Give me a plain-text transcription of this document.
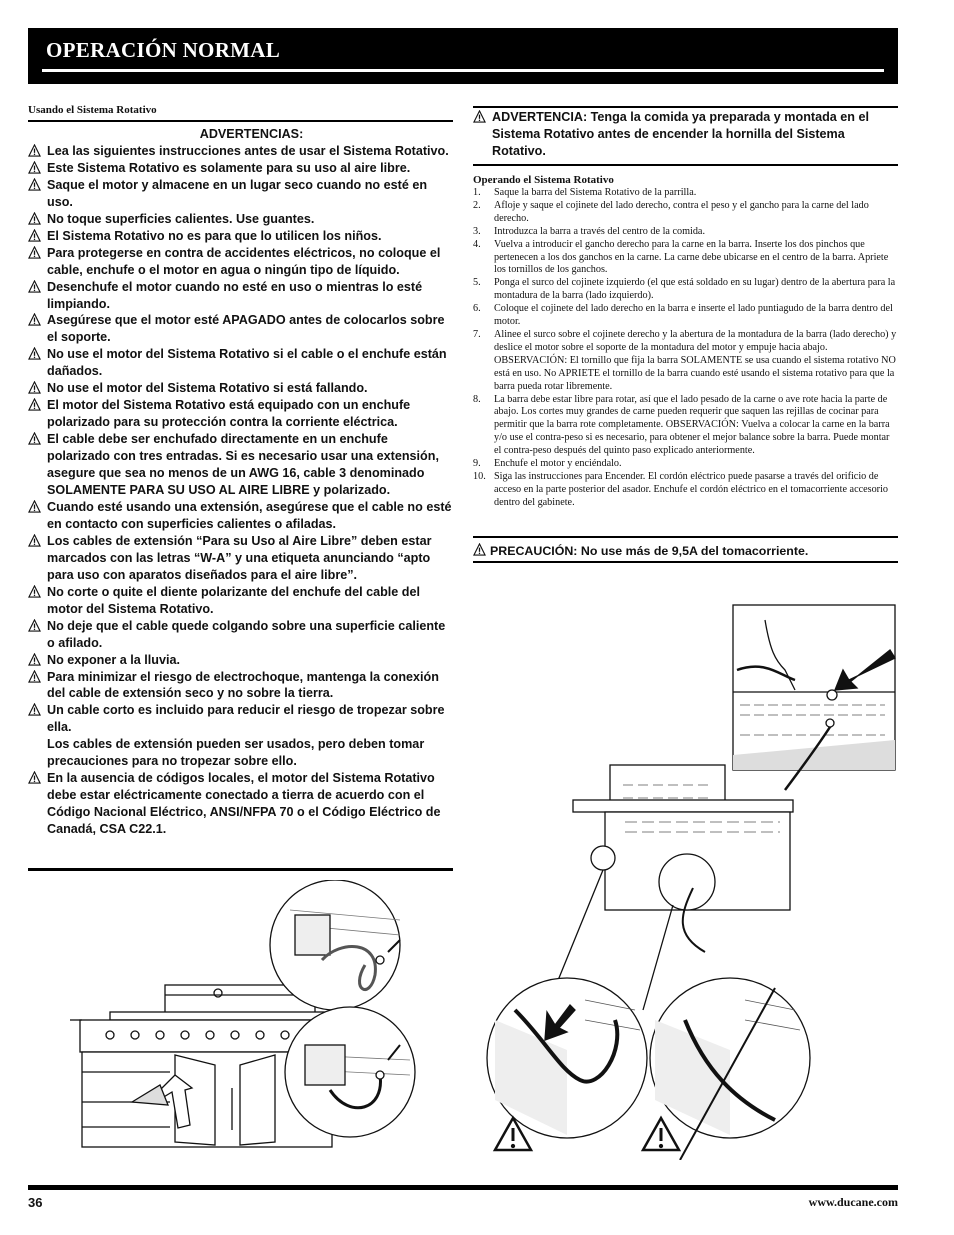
OPERACIÓN NORMAL
Usando el Sistema Rotativo
ADVERTENCIAS:
Lea las siguientes instrucciones antes de usar el Sistema Rotativo.
Este Sistema Rotativo es solamente para su uso al aire libre.
Saque el motor y almacene en un lugar seco cuando no esté en uso.
No toque superficies calientes. Use guantes.
El Sistema Rotativo no es para que lo utilicen los niños.
Para protegerse en contra de accidentes eléctricos, no coloque el cable, enchufe o el motor en agua o ningún tipo de líquido.
Desenchufe el motor cuando no esté en uso o mientras lo esté limpiando.
Asegúrese que el motor esté APAGADO antes de colocarlos sobre el soporte.
No use el motor del Sistema Rotativo si el cable o el enchufe están dañados.
No use el motor del Sistema Rotativo si está fallando.
El motor del Sistema Rotativo está equipado con un enchufe polarizado para su protección contra la corriente eléctrica.
El cable debe ser enchufado directamente en un enchufe polarizado con tres entradas. Si es necesario usar una extensión, asegure que sea no menos de un AWG 16, cable 3 denominado SOLAMENTE PARA SU USO AL AIRE LIBRE y polarizado.
Cuando esté usando una extensión, asegúrese que el cable no esté en contacto con superficies calientes o afiladas.
Los cables de extensión “Para su Uso al Aire Libre” deben estar marcados con las letras “W-A” y una etiqueta anunciando “apto para uso con aparatos diseñados para el aire libre”.
No corte o quite el diente polarizante del enchufe del cable del motor del Sistema Rotativo.
No deje que el cable quede colgando sobre una superficie caliente o afilado.
No exponer a la lluvia.
Para minimizar el riesgo de electrochoque, mantenga la conexión del cable de extensión seco y no sobre la tierra.
Un cable corto es incluido para reducir el riesgo de tropezar sobre ella.
Los cables de extensión pueden ser usados, pero deben tomar precauciones para no tropezar sobre ello.
En la ausencia de códigos locales, el motor del Sistema Rotativo debe estar eléctricamente conectado a tierra de acuerdo con el Código Nacional Eléctrico, ANSI/NFPA 70 o el Código Eléctrico de Canadá, CSA C22.1.
ADVERTENCIA: Tenga la comida ya preparada y montada en el Sistema Rotativo antes de encender la hornilla del Sistema Rotativo.
Operando el Sistema Rotativo
1. Saque la barra del Sistema Rotativo de la parrilla.
2. Afloje y saque el cojinete del lado derecho, contra el peso y el gancho para la carne del lado derecho.
3. Introduzca la barra a través del centro de la comida.
4. Vuelva a introducir el gancho derecho para la carne en la barra. Inserte los dos pinchos que pertenecen a los dos ganchos en la carne. La carne debe ubicarse en el centro de la barra. Apriete los tornillos de los ganchos.
5. Ponga el surco del cojinete izquierdo (el que está soldado en su lugar) dentro de la abertura para la montadura de la barra (lado izquierdo).
6. Coloque el cojinete del lado derecho en la barra e inserte el lado puntiagudo de la barra dentro del motor.
7. Alinee el surco sobre el cojinete derecho y la abertura de la montadura de la barra (lado derecho) y deslice el motor sobre el soporte de la montadura del motor y empuje hacia abajo. OBSERVACIÓN: El tornillo que fija la barra SOLAMENTE se usa cuando el sistema rotativo NO está en uso. No APRIETE el tornillo de la barra cuando esté usando el sistema rotativo para que la barra pueda rotar libremente.
8. La barra debe estar libre para rotar, así que el lado pesado de la carne o ave rote hacia la parte de abajo. Los cortes muy grandes de carne pueden requerir que saquen las rejillas de cocinar para permitir que la barra rote completamente. OBSERVACIÓN: Vuelva a colocar la carne en la barra y/o use el contra-peso si es necesario, para obtener el mejor balance sobre la barra. Puede montar el contra-peso después del quinto paso explicado anteriormente.
9. Enchufe el motor y enciéndalo.
10. Siga las instrucciones para Encender. El cordón eléctrico puede pasarse a través del orificio de acceso en la parte posterior del asador. Enchufe el cordón eléctrico en el tomacorriente accesorio dentro del gabinete.
PRECAUCIÓN: No use más de 9,5A del tomacorriente.
36	www.ducane.com
